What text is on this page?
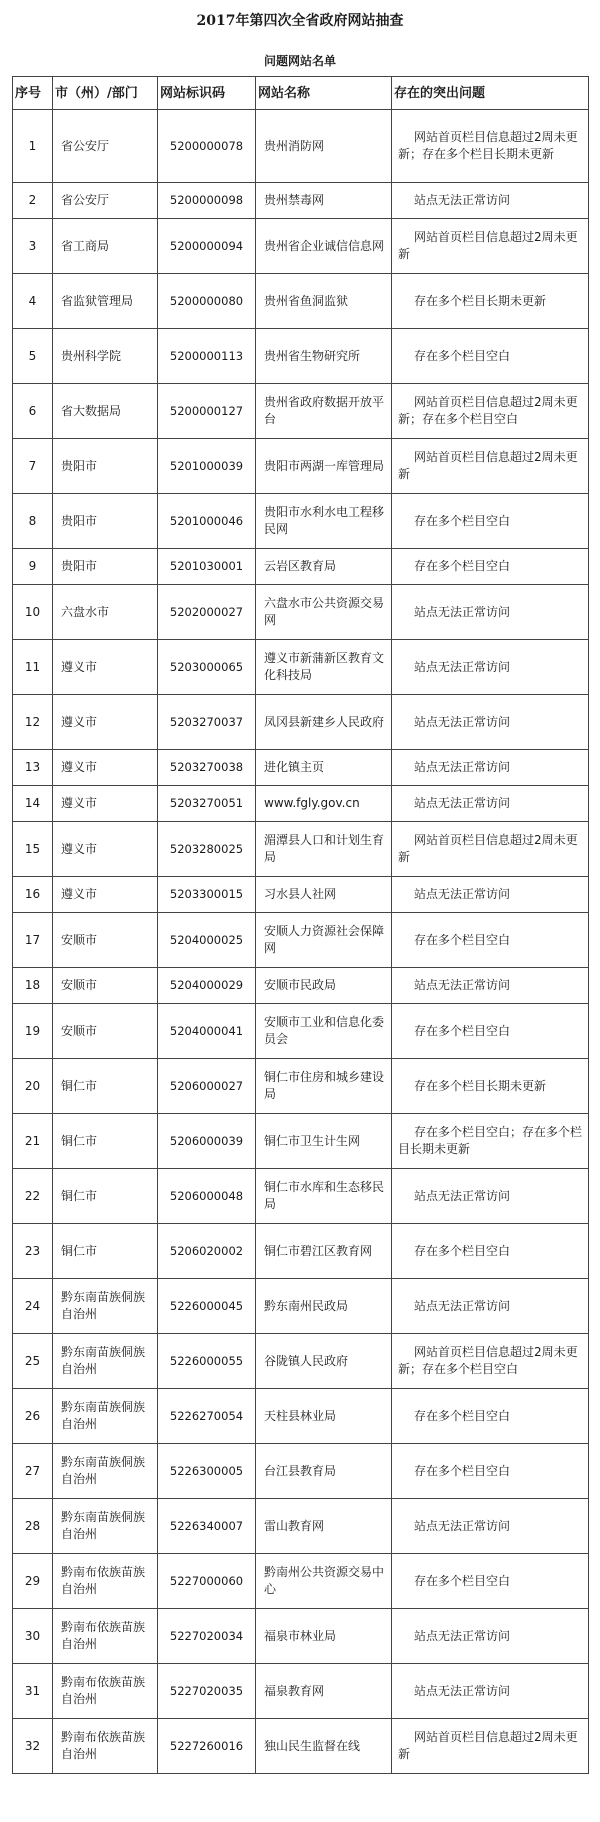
2017年第四次全省政府网站抽查
问题网站名单
序号	市（州）/部门	网站标识码	网站名称	存在的突出问题
1	省公安厅	5200000078	贵州消防网	网站首页栏目信息超过2周未更新；存在多个栏目长期未更新
2	省公安厅	5200000098	贵州禁毒网	站点无法正常访问
3	省工商局	5200000094	贵州省企业诚信信息网	网站首页栏目信息超过2周未更新
4	省监狱管理局	5200000080	贵州省鱼洞监狱	存在多个栏目长期未更新
5	贵州科学院	5200000113	贵州省生物研究所	存在多个栏目空白
6	省大数据局	5200000127	贵州省政府数据开放平台	网站首页栏目信息超过2周未更新；存在多个栏目空白
7	贵阳市	5201000039	贵阳市两湖一库管理局	网站首页栏目信息超过2周未更新
8	贵阳市	5201000046	贵阳市水利水电工程移民网	存在多个栏目空白
9	贵阳市	5201030001	云岩区教育局	存在多个栏目空白
10	六盘水市	5202000027	六盘水市公共资源交易网	站点无法正常访问
11	遵义市	5203000065	遵义市新蒲新区教育文化科技局	站点无法正常访问
12	遵义市	5203270037	凤冈县新建乡人民政府	站点无法正常访问
13	遵义市	5203270038	进化镇主页	站点无法正常访问
14	遵义市	5203270051	www.fgly.gov.cn	站点无法正常访问
15	遵义市	5203280025	湄潭县人口和计划生育局	网站首页栏目信息超过2周未更新
16	遵义市	5203300015	习水县人社网	站点无法正常访问
17	安顺市	5204000025	安顺人力资源社会保障网	存在多个栏目空白
18	安顺市	5204000029	安顺市民政局	站点无法正常访问
19	安顺市	5204000041	安顺市工业和信息化委员会	存在多个栏目空白
20	铜仁市	5206000027	铜仁市住房和城乡建设局	存在多个栏目长期未更新
21	铜仁市	5206000039	铜仁市卫生计生网	存在多个栏目空白；存在多个栏目长期未更新
22	铜仁市	5206000048	铜仁市水库和生态移民局	站点无法正常访问
23	铜仁市	5206020002	铜仁市碧江区教育网	存在多个栏目空白
24	黔东南苗族侗族自治州	5226000045	黔东南州民政局	站点无法正常访问
25	黔东南苗族侗族自治州	5226000055	谷陇镇人民政府	网站首页栏目信息超过2周未更新；存在多个栏目空白
26	黔东南苗族侗族自治州	5226270054	天柱县林业局	存在多个栏目空白
27	黔东南苗族侗族自治州	5226300005	台江县教育局	存在多个栏目空白
28	黔东南苗族侗族自治州	5226340007	雷山教育网	站点无法正常访问
29	黔南布依族苗族自治州	5227000060	黔南州公共资源交易中心	存在多个栏目空白
30	黔南布依族苗族自治州	5227020034	福泉市林业局	站点无法正常访问
31	黔南布依族苗族自治州	5227020035	福泉教育网	站点无法正常访问
32	黔南布依族苗族自治州	5227260016	独山民生监督在线	网站首页栏目信息超过2周未更新
